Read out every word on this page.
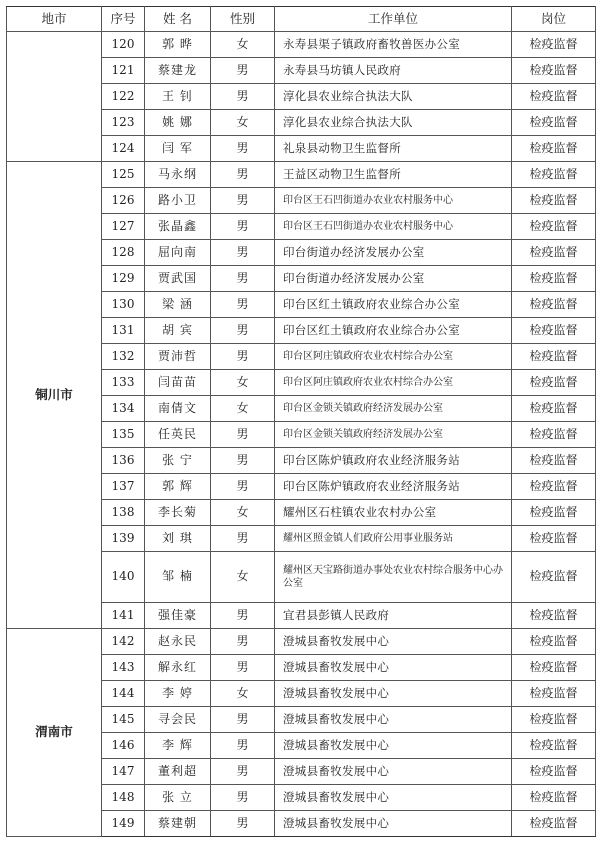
地市	序号	姓 名	性别	工作单位	岗位
	120	郭 晔	女	永寿县渠子镇政府畜牧兽医办公室	检疫监督
	121	蔡建龙	男	永寿县马坊镇人民政府	检疫监督
	122	王 钊	男	淳化县农业综合执法大队	检疫监督
	123	姚 娜	女	淳化县农业综合执法大队	检疫监督
	124	闫 军	男	礼泉县动物卫生监督所	检疫监督
铜川市	125	马永纲	男	王益区动物卫生监督所	检疫监督
	126	路小卫	男	印台区王石凹街道办农业农村服务中心	检疫监督
	127	张晶鑫	男	印台区王石凹街道办农业农村服务中心	检疫监督
	128	屈向南	男	印台街道办经济发展办公室	检疫监督
	129	贾武国	男	印台街道办经济发展办公室	检疫监督
	130	梁 涵	男	印台区红土镇政府农业综合办公室	检疫监督
	131	胡 宾	男	印台区红土镇政府农业综合办公室	检疫监督
	132	贾沛哲	男	印台区阿庄镇政府农业农村综合办公室	检疫监督
	133	闫苗苗	女	印台区阿庄镇政府农业农村综合办公室	检疫监督
	134	南倩文	女	印台区金锁关镇政府经济发展办公室	检疫监督
	135	任英民	男	印台区金锁关镇政府经济发展办公室	检疫监督
	136	张 宁	男	印台区陈炉镇政府农业经济服务站	检疫监督
	137	郭 辉	男	印台区陈炉镇政府农业经济服务站	检疫监督
	138	李长菊	女	耀州区石柱镇农业农村办公室	检疫监督
	139	刘 琪	男	耀州区照金镇人们政府公用事业服务站	检疫监督
	140	邹 楠	女	耀州区天宝路街道办事处农业农村综合服务中心办公室	检疫监督
	141	强佳豪	男	宜君县彭镇人民政府	检疫监督
渭南市	142	赵永民	男	澄城县畜牧发展中心	检疫监督
	143	解永红	男	澄城县畜牧发展中心	检疫监督
	144	李 婷	女	澄城县畜牧发展中心	检疫监督
	145	寻会民	男	澄城县畜牧发展中心	检疫监督
	146	李 辉	男	澄城县畜牧发展中心	检疫监督
	147	董利超	男	澄城县畜牧发展中心	检疫监督
	148	张 立	男	澄城县畜牧发展中心	检疫监督
	149	蔡建朝	男	澄城县畜牧发展中心	检疫监督
